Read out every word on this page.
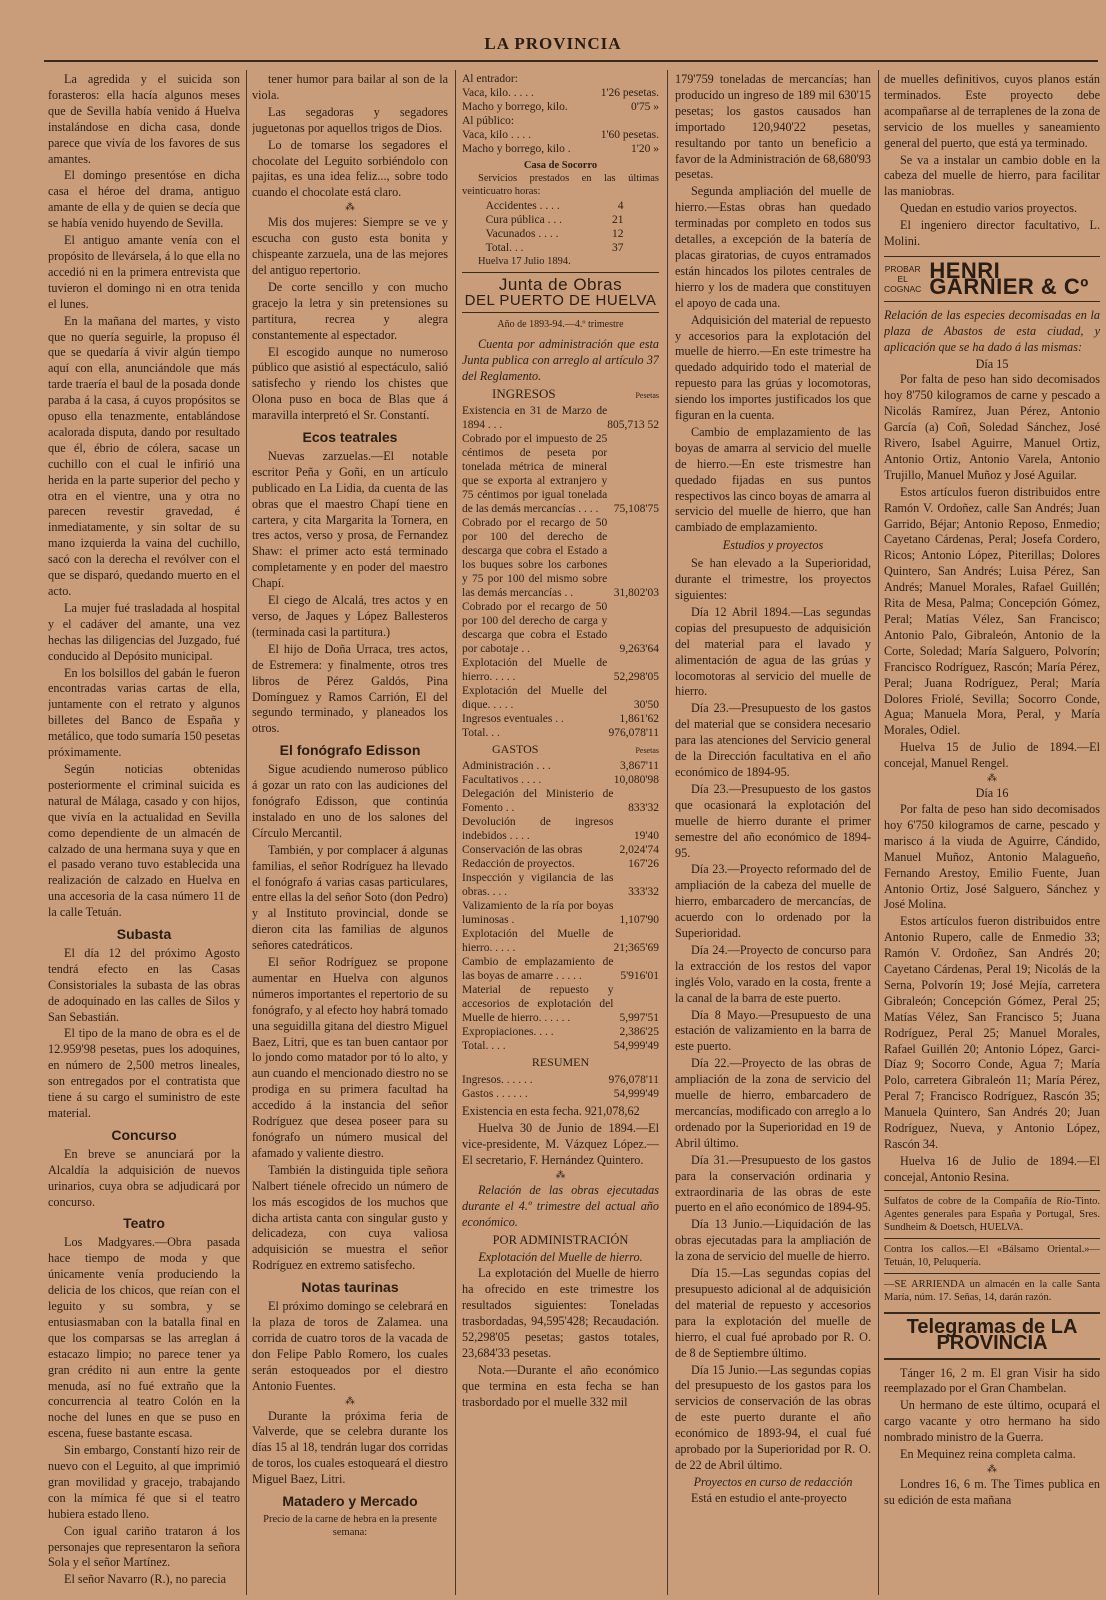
LA PROVINCIA

La agredida y el suicida son forasteros: ella hacía algunos meses que de Sevilla había venido á Huelva instalándose en dicha casa, donde parece que vivía de los favores de sus amantes.

El domingo presentóse en dicha casa el héroe del drama, antiguo amante de ella y de quien se decía que se había venido huyendo de Sevilla.

El antiguo amante venía con el propósito de llevársela, á lo que ella no accedió ni en la primera entrevista que tuvieron el domingo ni en otra tenida el lunes.

En la mañana del martes, y visto que no quería seguirle, la propuso él que se quedaría á vivir algún tiempo aquí con ella, anunciándole que más tarde traería el baul de la posada donde paraba á la casa, á cuyos propósitos se opuso ella tenazmente, entablándose acalorada disputa, dando por resultado que él, ébrio de cólera, sacase un cuchillo con el cual le infirió una herida en la parte superior del pecho y otra en el vientre, una y otra no parecen revestir gravedad, é inmediatamente, y sin soltar de su mano izquierda la vaina del cuchillo, sacó con la derecha el revólver con el que se disparó, quedando muerto en el acto.

La mujer fué trasladada al hospital y el cadáver del amante, una vez hechas las diligencias del Juzgado, fué conducido al Depósito municipal.

En los bolsillos del gabán le fueron encontradas varias cartas de ella, juntamente con el retrato y algunos billetes del Banco de España y metálico, que todo sumaría 150 pesetas próximamente.

Según noticias obtenidas posteriormente el criminal suicida es natural de Málaga, casado y con hijos, que vivía en la actualidad en Sevilla como dependiente de un almacén de calzado de una hermana suya y que en el pasado verano tuvo establecida una realización de calzado en Huelva en una accesoria de la casa número 11 de la calle Tetuán.

Subasta

El día 12 del próximo Agosto tendrá efecto en las Casas Consistoriales la subasta de las obras de adoquinado en las calles de Silos y San Sebastián.

El tipo de la mano de obra es el de 12.959'98 pesetas, pues los adoquines, en número de 2,500 metros lineales, son entregados por el contratista que tiene á su cargo el suministro de este material.

Concurso

En breve se anunciará por la Alcaldía la adquisición de nuevos urinarios, cuya obra se adjudicará por concurso.

Teatro

Los Madgyares.—Obra pasada hace tiempo de moda y que únicamente venía produciendo la delicia de los chicos, que reían con el leguito y su sombra, y se entusiasmaban con la batalla final en que los comparsas se las arreglan á estacazo limpio; no parece tener ya gran crédito ni aun entre la gente menuda, así no fué extraño que la concurrencia al teatro Colón en la noche del lunes en que se puso en escena, fuese bastante escasa.

Sin embargo, Constantí hizo reir de nuevo con el Leguito, al que imprimió gran movilidad y gracejo, trabajando con la mímica fé que si el teatro hubiera estado lleno.

Con igual cariño trataron á los personajes que representaron la señora Sola y el señor Martínez.

El señor Navarro (R.), no parecia

tener humor para bailar al son de la viola.

Las segadoras y segadores juguetonas por aquellos trigos de Dios.

Lo de tomarse los segadores el chocolate del Leguito sorbiéndolo con pajitas, es una idea feliz..., sobre todo cuando el chocolate está claro.

⁂

Mis dos mujeres: Siempre se ve y escucha con gusto esta bonita y chispeante zarzuela, una de las mejores del antiguo repertorio.

De corte sencillo y con mucho gracejo la letra y sin pretensiones su partitura, recrea y alegra constantemente al espectador.

El escogido aunque no numeroso público que asistió al espectáculo, salió satisfecho y riendo los chistes que Olona puso en boca de Blas que á maravilla interpretó el Sr. Constantí.

Ecos teatrales

Nuevas zarzuelas.—El notable escritor Peña y Goñi, en un artículo publicado en La Lidia, da cuenta de las obras que el maestro Chapí tiene en cartera, y cita Margarita la Tornera, en tres actos, verso y prosa, de Fernandez Shaw: el primer acto está terminado completamente y en poder del maestro Chapí.

El ciego de Alcalá, tres actos y en verso, de Jaques y López Ballesteros (terminada casi la partitura.)

El hijo de Doña Urraca, tres actos, de Estremera: y finalmente, otros tres libros de Pérez Galdós, Pina Domínguez y Ramos Carrión, El del segundo terminado, y planeados los otros.

El fonógrafo Edisson

Sigue acudiendo numeroso público á gozar un rato con las audiciones del fonógrafo Edisson, que continúa instalado en uno de los salones del Círculo Mercantil.

También, y por complacer á algunas familias, el señor Rodríguez ha llevado el fonógrafo á varias casas particulares, entre ellas la del señor Soto (don Pedro) y al Instituto provincial, donde se dieron cita las familias de algunos señores catedráticos.

El señor Rodríguez se propone aumentar en Huelva con algunos números importantes el repertorio de su fonógrafo, y al efecto hoy habrá tomado una seguidilla gitana del diestro Miguel Baez, Litri, que es tan buen cantaor por lo jondo como matador por tó lo alto, y aun cuando el mencionado diestro no se prodiga en su primera facultad ha accedido á la instancia del señor Rodríguez que desea poseer para su fonógrafo un número musical del afamado y valiente diestro.

También la distinguida tiple señora Nalbert tiénele ofrecido un número de los más escogidos de los muchos que dicha artista canta con singular gusto y delicadeza, con cuya valiosa adquisición se muestra el señor Rodríguez en extremo satisfecho.

Notas taurinas

El próximo domingo se celebrará en la plaza de toros de Zalamea. una corrida de cuatro toros de la vacada de don Felipe Pablo Romero, los cuales serán estoqueados por el diestro Antonio Fuentes.

⁂

Durante la próxima feria de Valverde, que se celebra durante los días 15 al 18, tendrán lugar dos corridas de toros, los cuales estoqueará el diestro Miguel Baez, Litri.

Matadero y Mercado

Precio de la carne de hebra en la presente semana:

Al entrador:	
Vaca, kilo. . . . .	1'26 pesetas.
Macho y borrego, kilo.	0'75 »
Al público:	
Vaca, kilo . . . .	1'60 pesetas.
Macho y borrego, kilo .	1'20 »
Casa de Socorro

Servicios prestados en las últimas veinticuatro horas:

Accidentes . . . .	4
Cura pública . . .	21
Vacunados . . . .	12
Total. . .	37

Huelva 17 Julio 1894.

Junta de Obras
DEL PUERTO DE HUELVA
Año de 1893-94.—4.º trimestre

Cuenta por administración que esta Junta publica con arreglo al artículo 37 del Reglamento.

INGRESOS	Pesetas
Existencia en 31 de Marzo de 1894 . . .	805,713 52
Cobrado por el impuesto de 25 céntimos de peseta por tonelada métrica de mineral que se exporta al extranjero y 75 céntimos por igual tonelada de las demás mercancías . . . .	75,108'75
Cobrado por el recargo de 50 por 100 del derecho de descarga que cobra el Estado a los buques sobre los carbones y 75 por 100 del mismo sobre las demás mercancías . .	31,802'03
Cobrado por el recargo de 50 por 100 del derecho de carga y descarga que cobra el Estado por cabotaje . .	9,263'64
Explotación del Muelle de hierro. . . . .	52,298'05
Explotación del Muelle del dique. . . . .	30'50
Ingresos eventuales . .	1,861'62
Total. . .	976,078'11
GASTOS	Pesetas
Administración . . .	3,867'11
Facultativos . . . .	10,080'98
Delegación del Ministerio de Fomento . .	833'32
Devolución de ingresos indebidos . . . .	19'40
Conservación de las obras	2,024'74
Redacción de proyectos.	167'26
Inspección y vigilancia de las obras. . . .	333'32
Valizamiento de la ría por boyas luminosas .	1,107'90
Explotación del Muelle de hierro. . . . .	21;365'69
Cambio de emplazamiento de las boyas de amarre . . . . .	5'916'01
Material de repuesto y accesorios de explotación del Muelle de hierro. . . . . .	5,997'51
Expropiaciones. . . .	2,386'25
Total. . . .	54,999'49
RESUMEN
Ingresos. . . . . .	976,078'11
Gastos . . . . . .	54,999'49

Existencia en esta fecha. 921,078,62

Huelva 30 de Junio de 1894.—El vice-presidente, M. Vázquez López.—El secretario, F. Hernández Quintero.

⁂

Relación de las obras ejecutadas durante el 4.º trimestre del actual año económico.

POR ADMINISTRACIÓN
Explotación del Muelle de hierro.

La explotación del Muelle de hierro ha ofrecido en este trimestre los resultados siguientes: Toneladas trasbordadas, 94,595'428; Recaudación. 52,298'05 pesetas; gastos totales, 23,684'33 pesetas.

Nota.—Durante el año económico que termina en esta fecha se han trasbordado por el muelle 332 mil

179'759 toneladas de mercancías; han producido un ingreso de 189 mil 630'15 pesetas; los gastos causados han importado 120,940'22 pesetas, resultando por tanto un beneficio a favor de la Administración de 68,680'93 pesetas.

Segunda ampliación del muelle de hierro.—Estas obras han quedado terminadas por completo en todos sus detalles, a excepción de la batería de placas giratorias, de cuyos entramados están hincados los pilotes centrales de hierro y los de madera que constituyen el apoyo de cada una.

Adquisición del material de repuesto y accesorios para la explotación del muelle de hierro.—En este trimestre ha quedado adquirido todo el material de repuesto para las grúas y locomotoras, siendo los importes justificados los que figuran en la cuenta.

Cambio de emplazamiento de las boyas de amarra al servicio del muelle de hierro.—En este trismestre han quedado fijadas en sus puntos respectivos las cinco boyas de amarra al servicio del muelle de hierro, que han cambiado de emplazamiento.

Estudios y proyectos

Se han elevado a la Superioridad, durante el trimestre, los proyectos siguientes:

Día 12 Abril 1894.—Las segundas copias del presupuesto de adquisición del material para el lavado y alimentación de agua de las grúas y locomotoras al servicio del muelle de hierro.

Día 23.—Presupuesto de los gastos del material que se considera necesario para las atenciones del Servicio general de la Dirección facultativa en el año económico de 1894-95.

Día 23.—Presupuesto de los gastos que ocasionará la explotación del muelle de hierro durante el primer semestre del año económico de 1894-95.

Día 23.—Proyecto reformado del de ampliación de la cabeza del muelle de hierro, embarcadero de mercancías, de acuerdo con lo ordenado por la Superioridad.

Día 24.—Proyecto de concurso para la extracción de los restos del vapor inglés Volo, varado en la costa, frente a la canal de la barra de este puerto.

Día 8 Mayo.—Presupuesto de una estación de valizamiento en la barra de este puerto.

Día 22.—Proyecto de las obras de ampliación de la zona de servicio del muelle de hierro, embarcadero de mercancías, modificado con arreglo a lo ordenado por la Superioridad en 19 de Abril último.

Día 31.—Presupuesto de los gastos para la conservación ordinaria y extraordinaria de las obras de este puerto en el año económico de 1894-95.

Día 13 Junio.—Liquidación de las obras ejecutadas para la ampliación de la zona de servicio del muelle de hierro.

Día 15.—Las segundas copias del presupuesto adicional al de adquisición del material de repuesto y accesorios para la explotación del muelle de hierro, el cual fué aprobado por R. O. de 8 de Septiembre último.

Día 15 Junio.—Las segundas copias del presupuesto de los gastos para los servicios de conservación de las obras de este puerto durante el año económico de 1893-94, el cual fué aprobado por la Superioridad por R. O. de 22 de Abril último.

Proyectos en curso de redacción

Está en estudio el ante-proyecto

de muelles definitivos, cuyos planos están terminados. Este proyecto debe acompañarse al de terraplenes de la zona de servicio de los muelles y saneamiento general del puerto, que está ya terminado.

Se va a instalar un cambio doble en la cabeza del muelle de hierro, para facilitar las maniobras.

Quedan en estudio varios proyectos.

El ingeniero director facultativo, L. Molini.

PROBAR EL COGNAC
HENRI GARNIER & Cº

Relación de las especies decomisadas en la plaza de Abastos de esta ciudad, y aplicación que se ha dado á las mismas:

Día 15

Por falta de peso han sido decomisados hoy 8'750 kilogramos de carne y pescado a Nicolás Ramírez, Juan Pérez, Antonio García (a) Coñ, Soledad Sánchez, José Rivero, Isabel Aguirre, Manuel Ortiz, Antonio Ortiz, Antonio Varela, Antonio Trujillo, Manuel Muñoz y José Aguilar.

Estos artículos fueron distribuidos entre Ramón V. Ordoñez, calle San Andrés; Juan Garrido, Béjar; Antonio Reposo, Enmedio; Cayetano Cárdenas, Peral; Josefa Cordero, Ricos; Antonio López, Piterillas; Dolores Quintero, San Andrés; Luisa Pérez, San Andrés; Manuel Morales, Rafael Guillén; Rita de Mesa, Palma; Concepción Gómez, Peral; Matías Vélez, San Francisco; Antonio Palo, Gibraleón, Antonio de la Corte, Soledad; María Salguero, Polvorín; Francisco Rodríguez, Rascón; María Pérez, Peral; Juana Rodríguez, Peral; María Dolores Friolé, Sevilla; Socorro Conde, Agua; Manuela Mora, Peral, y María Morales, Odiel.

Huelva 15 de Julio de 1894.—El concejal, Manuel Rengel.

⁂
Día 16

Por falta de peso han sido decomisados hoy 6'750 kilogramos de carne, pescado y marisco á la viuda de Aguirre, Cándido, Manuel Muñoz, Antonio Malagueño, Fernando Arestoy, Emilio Fuente, Juan Antonio Ortiz, José Salguero, Sánchez y José Molina.

Estos artículos fueron distribuidos entre Antonio Rupero, calle de Enmedio 33; Ramón V. Ordoñez, San Andrés 20; Cayetano Cárdenas, Peral 19; Nicolás de la Serna, Polvorín 19; José Mejía, carretera Gibraleón; Concepción Gómez, Peral 25; Matías Vélez, San Francisco 5; Juana Rodríguez, Peral 25; Manuel Morales, Rafael Guillén 20; Antonio López, Garci-Díaz 9; Socorro Conde, Agua 7; María Polo, carretera Gibraleón 11; María Pérez, Peral 7; Francisco Rodríguez, Rascón 35; Manuela Quintero, San Andrés 20; Juan Rodríguez, Nueva, y Antonio López, Rascón 34.

Huelva 16 de Julio de 1894.—El concejal, Antonio Resina.

Sulfatos de cobre de la Compañía de Río-Tinto. Agentes generales para España y Portugal, Sres. Sundheim & Doetsch, HUELVA.
Contra los callos.—El «Bálsamo Oriental.»—Tetuán, 10, Peluquería.
—SE ARRIENDA un almacén en la calle Santa María, núm. 17. Señas, 14, darán razón.
Telegramas de LA PROVINCIA

Tánger 16, 2 m. El gran Visir ha sido reemplazado por el Gran Chambelan.

Un hermano de este último, ocupará el cargo vacante y otro hermano ha sido nombrado ministro de la Guerra.

En Mequinez reina completa calma.

⁂

Londres 16, 6 m. The Times publica en su edición de esta mañana
